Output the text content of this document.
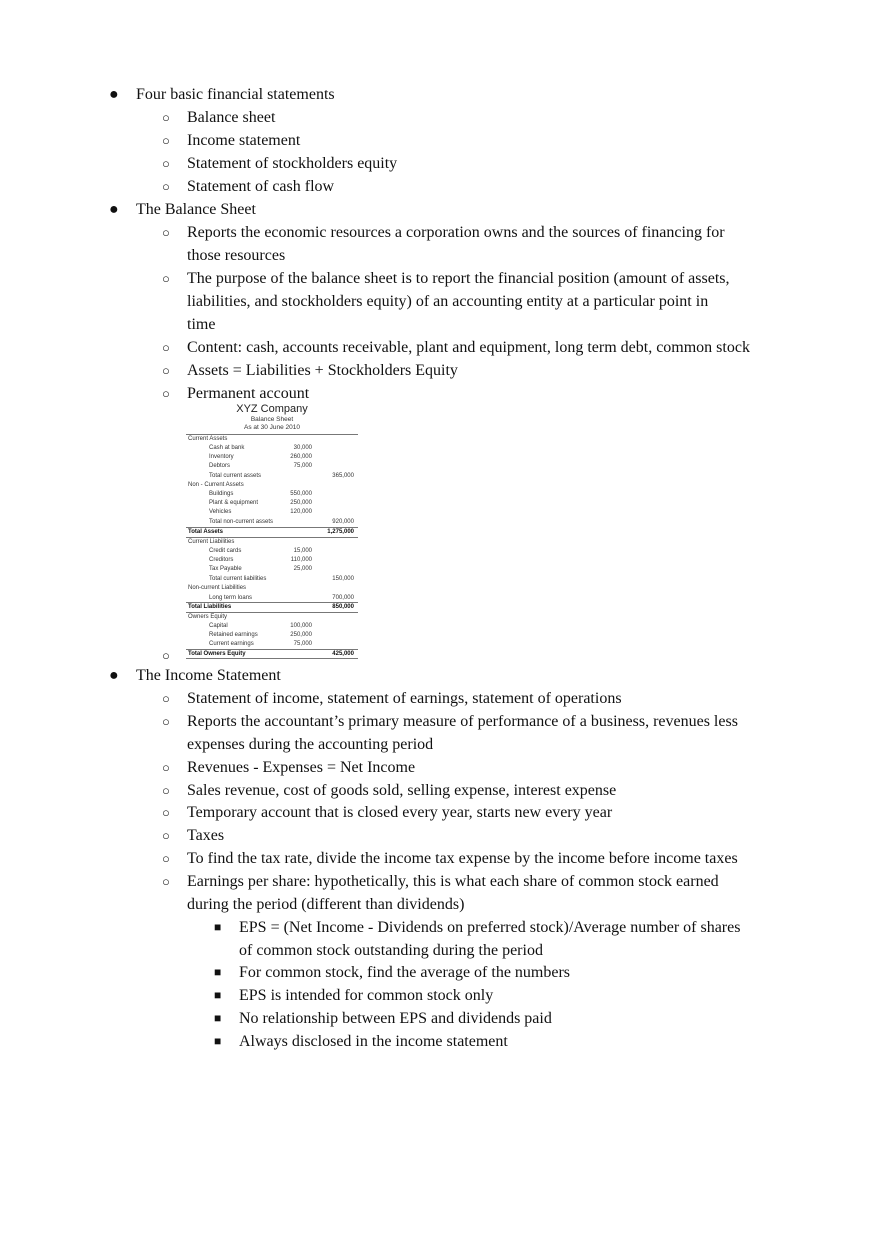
● Four basic financial statements
○ Balance sheet
○ Income statement
○ Statement of stockholders equity
○ Statement of cash flow
● The Balance Sheet
○ Reports the economic resources a corporation owns and the sources of financing for
those resources
○ The purpose of the balance sheet is to report the financial position (amount of assets,
liabilities, and stockholders equity) of an accounting entity at a particular point in
time
○ Content: cash, accounts receivable, plant and equipment, long term debt, common stock
○ Assets = Liabilities + Stockholders Equity
○ Permanent account
○
XYZ Company
Balance Sheet
As at 30 June 2010
Current Assets
Cash at bank	30,000
Inventory	260,000
Debtors	75,000
Total current assets	365,000
Non - Current Assets
Buildings	550,000
Plant & equipment	250,000
Vehicles	120,000
Total non-current assets	920,000
Total Assets	1,275,000
Current Liabilities
Credit cards	15,000
Creditors	110,000
Tax Payable	25,000
Total current liabilities	150,000
Non-current Liabilities
Long term loans	700,000
Total Liabilities	850,000
Owners Equity
Capital	100,000
Retained earnings	250,000
Current earnings	75,000
Total Owners Equity	425,000
● The Income Statement
○ Statement of income, statement of earnings, statement of operations
○ Reports the accountant’s primary measure of performance of a business, revenues less
expenses during the accounting period
○ Revenues - Expenses = Net Income
○ Sales revenue, cost of goods sold, selling expense, interest expense
○ Temporary account that is closed every year, starts new every year
○ Taxes
○ To find the tax rate, divide the income tax expense by the income before income taxes
○ Earnings per share: hypothetically, this is what each share of common stock earned
during the period (different than dividends)
■ EPS = (Net Income - Dividends on preferred stock)/Average number of shares
of common stock outstanding during the period
■ For common stock, find the average of the numbers
■ EPS is intended for common stock only
■ No relationship between EPS and dividends paid
■ Always disclosed in the income statement
